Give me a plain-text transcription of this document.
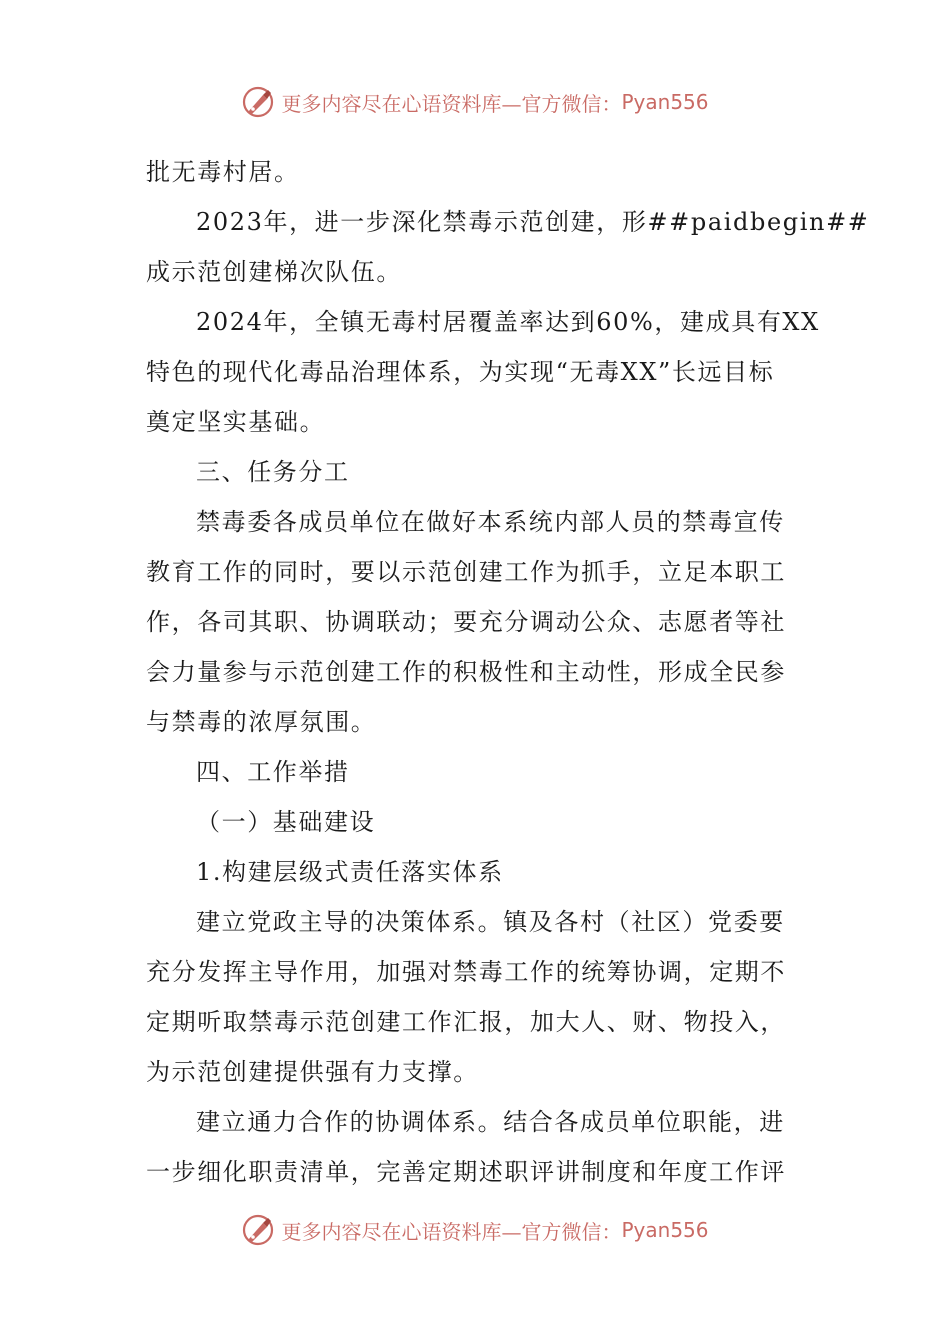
更多内容尽在心语资料库—官方微信： Pyan556
批无毒村居。
2023年，进一步深化禁毒示范创建，形##paidbegin##
成示范创建梯次队伍。
2024年，全镇无毒村居覆盖率达到60%，建成具有XX
特色的现代化毒品治理体系，为实现“无毒XX”长远目标
奠定坚实基础。
三、任务分工
禁毒委各成员单位在做好本系统内部人员的禁毒宣传
教育工作的同时，要以示范创建工作为抓手，立足本职工
作，各司其职、协调联动；要充分调动公众、志愿者等社
会力量参与示范创建工作的积极性和主动性，形成全民参
与禁毒的浓厚氛围。
四、工作举措
（一）基础建设
1.构建层级式责任落实体系
建立党政主导的决策体系。镇及各村（社区）党委要
充分发挥主导作用，加强对禁毒工作的统筹协调，定期不
定期听取禁毒示范创建工作汇报，加大人、财、物投入，
为示范创建提供强有力支撑。
建立通力合作的协调体系。结合各成员单位职能，进
一步细化职责清单，完善定期述职评讲制度和年度工作评
更多内容尽在心语资料库—官方微信： Pyan556
